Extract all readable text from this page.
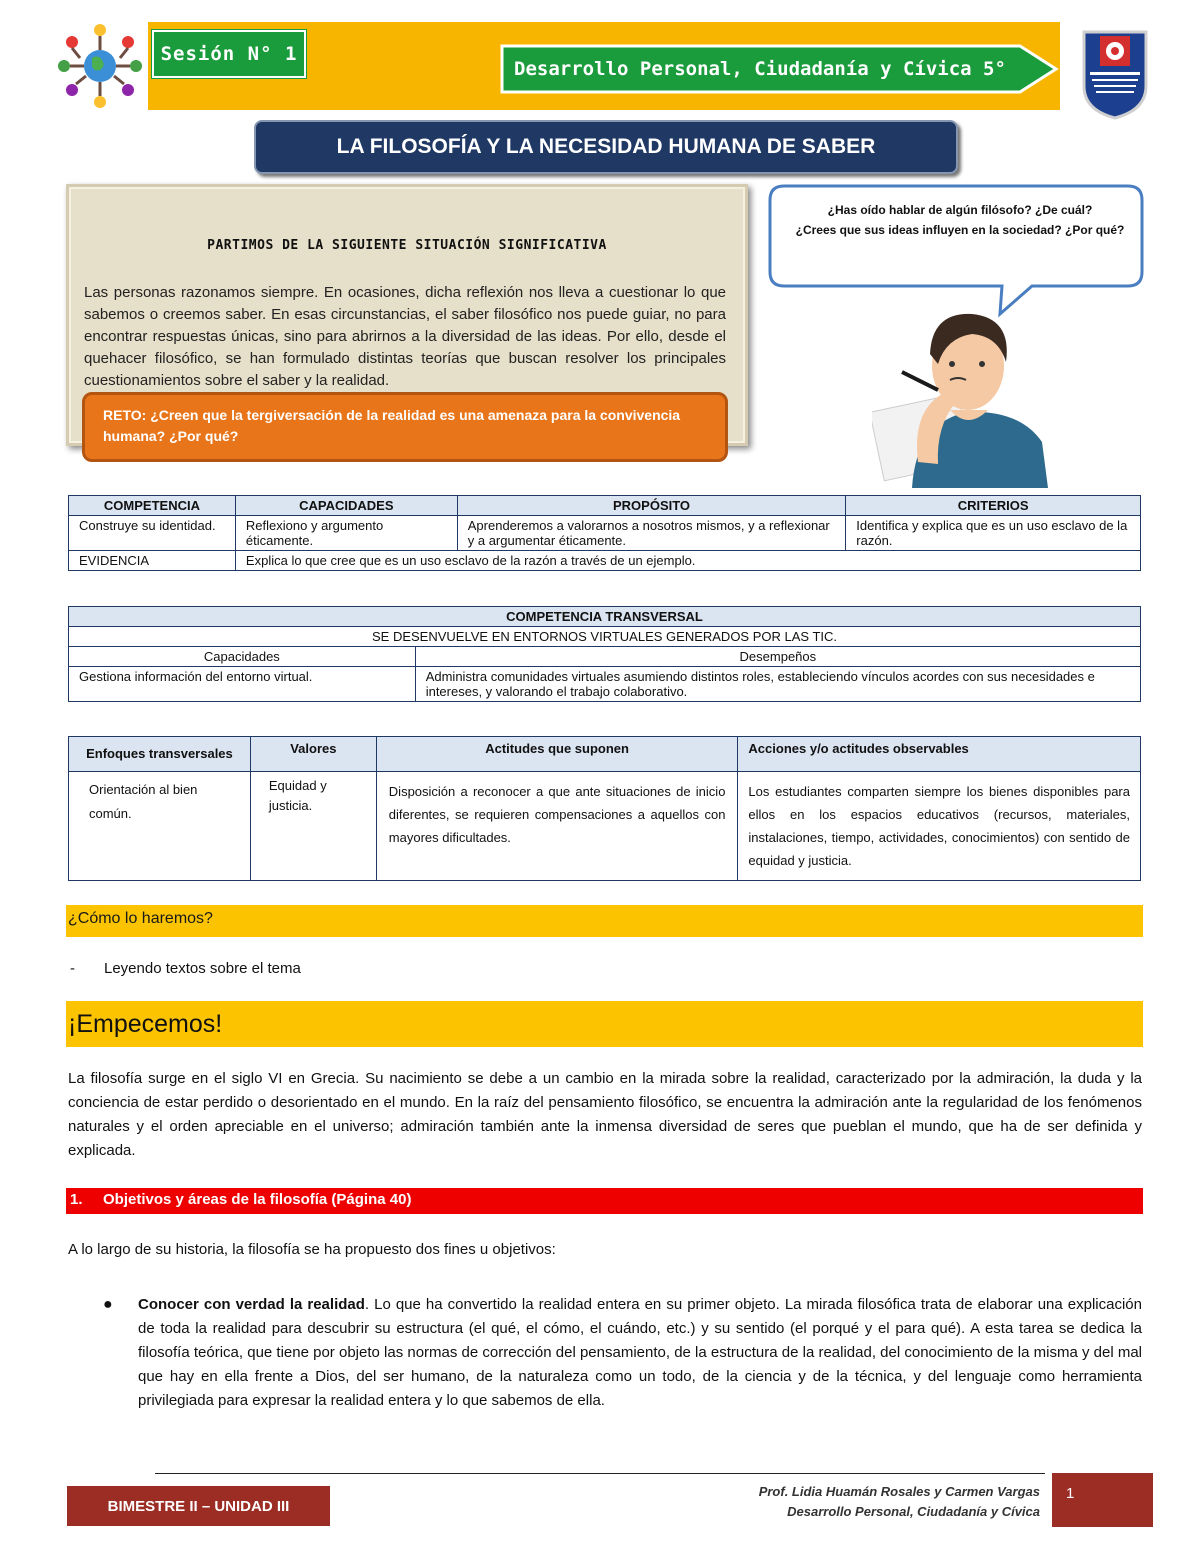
Sesión N° 1
Desarrollo Personal, Ciudadanía y Cívica 5°
LA FILOSOFÍA Y LA NECESIDAD HUMANA DE SABER
PARTIMOS DE LA SIGUIENTE SITUACIÓN SIGNIFICATIVA
Las personas razonamos siempre. En ocasiones, dicha reflexión nos lleva a cuestionar lo que sabemos o creemos saber. En esas circunstancias, el saber filosófico nos puede guiar, no para encontrar respuestas únicas, sino para abrirnos a la diversidad de las ideas. Por ello, desde el quehacer filosófico, se han formulado distintas teorías que buscan resolver los principales cuestionamientos sobre el saber y la realidad.
RETO: ¿Creen que la tergiversación de la realidad es una amenaza para la convivencia humana? ¿Por qué?
¿Has oído hablar de algún filósofo? ¿De cuál?
¿Crees que sus ideas influyen en la sociedad? ¿Por qué?
COMPETENCIA	CAPACIDADES	PROPÓSITO	CRITERIOS
Construye su identidad.	Reflexiono y argumento éticamente.	Aprenderemos a valorarnos a nosotros mismos, y a reflexionar y a argumentar éticamente.	Identifica y explica que es un uso esclavo de la razón.
EVIDENCIA	Explica lo que cree que es un uso esclavo de la razón a través de un ejemplo.		
COMPETENCIA TRANSVERSAL	
SE DESENVUELVE EN ENTORNOS VIRTUALES GENERADOS POR LAS TIC.	
Capacidades	Desempeños
Gestiona información del entorno virtual.	Administra comunidades virtuales asumiendo distintos roles, estableciendo vínculos acordes con sus necesidades e intereses, y valorando el trabajo colaborativo.
Enfoques transversales	Valores	Actitudes que suponen	Acciones y/o actitudes observables
Orientación al bien común.	Equidad y justicia.	Disposición a reconocer a que ante situaciones de inicio diferentes, se requieren compensaciones a aquellos con mayores dificultades.	Los estudiantes comparten siempre los bienes disponibles para ellos en los espacios educativos (recursos, materiales, instalaciones, tiempo, actividades, conocimientos) con sentido de equidad y justicia.
¿Cómo lo haremos?
- Leyendo textos sobre el tema
¡Empecemos!
La filosofía surge en el siglo VI en Grecia. Su nacimiento se debe a un cambio en la mirada sobre la realidad, caracterizado por la admiración, la duda y la conciencia de estar perdido o desorientado en el mundo. En la raíz del pensamiento filosófico, se encuentra la admiración ante la regularidad de los fenómenos naturales y el orden apreciable en el universo; admiración también ante la inmensa diversidad de seres que pueblan el mundo, que ha de ser definida y explicada.
1. Objetivos y áreas de la filosofía (Página 40)
A lo largo de su historia, la filosofía se ha propuesto dos fines u objetivos:
● Conocer con verdad la realidad. Lo que ha convertido la realidad entera en su primer objeto. La mirada filosófica trata de elaborar una explicación de toda la realidad para descubrir su estructura (el qué, el cómo, el cuándo, etc.) y su sentido (el porqué y el para qué). A esta tarea se dedica la filosofía teórica, que tiene por objeto las normas de corrección del pensamiento, de la estructura de la realidad, del conocimiento de la misma y del mal que hay en ella frente a Dios, del ser humano, de la naturaleza como un todo, de la ciencia y de la técnica, y del lenguaje como herramienta privilegiada para expresar la realidad entera y lo que sabemos de ella.
BIMESTRE II – UNIDAD III
Prof. Lidia Huamán Rosales y Carmen Vargas
Desarrollo Personal, Ciudadanía y Cívica
1
